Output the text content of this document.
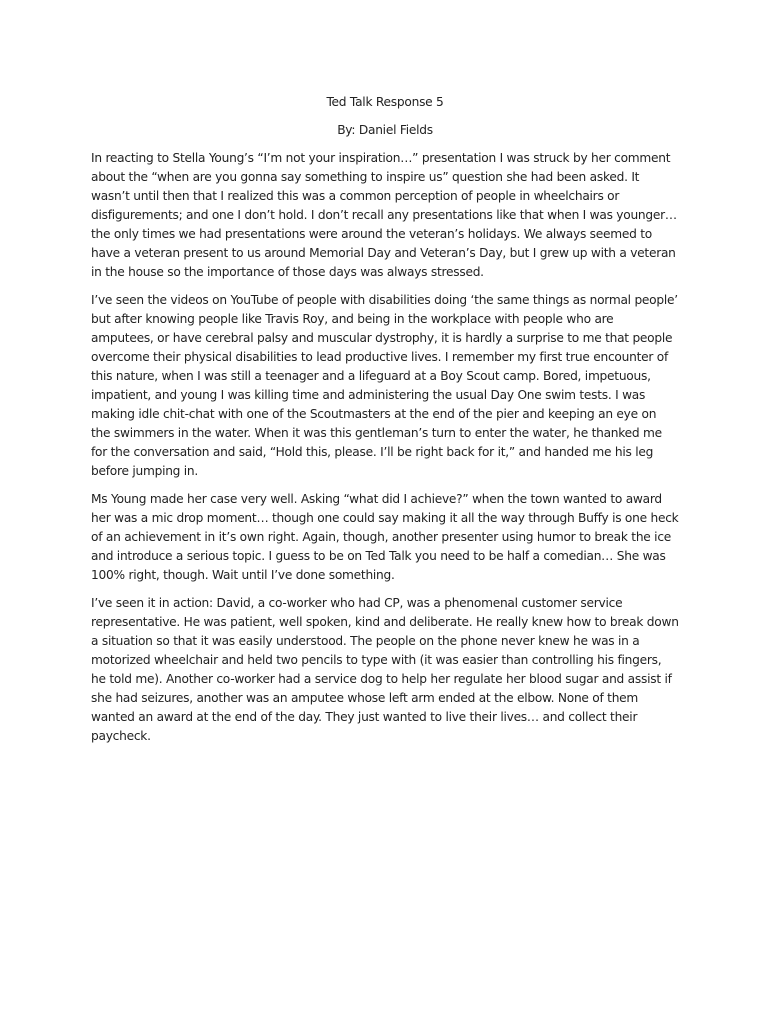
Ted Talk Response 5

By: Daniel Fields

In reacting to Stella Young’s “I’m not your inspiration…” presentation I was struck by her comment about the “when are you gonna say something to inspire us” question she had been asked. It wasn’t until then that I realized this was a common perception of people in wheelchairs or disfigurements; and one I don’t hold. I don’t recall any presentations like that when I was younger… the only times we had presentations were around the veteran’s holidays. We always seemed to have a veteran present to us around Memorial Day and Veteran’s Day, but I grew up with a veteran in the house so the importance of those days was always stressed.

I’ve seen the videos on YouTube of people with disabilities doing ‘the same things as normal people’ but after knowing people like Travis Roy, and being in the workplace with people who are amputees, or have cerebral palsy and muscular dystrophy, it is hardly a surprise to me that people overcome their physical disabilities to lead productive lives. I remember my first true encounter of this nature, when I was still a teenager and a lifeguard at a Boy Scout camp. Bored, impetuous, impatient, and young I was killing time and administering the usual Day One swim tests. I was making idle chit-chat with one of the Scoutmasters at the end of the pier and keeping an eye on the swimmers in the water. When it was this gentleman’s turn to enter the water, he thanked me for the conversation and said, “Hold this, please. I’ll be right back for it,” and handed me his leg before jumping in.

Ms Young made her case very well. Asking “what did I achieve?” when the town wanted to award her was a mic drop moment… though one could say making it all the way through Buffy is one heck of an achievement in it’s own right. Again, though, another presenter using humor to break the ice and introduce a serious topic. I guess to be on Ted Talk you need to be half a comedian… She was 100% right, though. Wait until I’ve done something.

I’ve seen it in action: David, a co-worker who had CP, was a phenomenal customer service representative. He was patient, well spoken, kind and deliberate. He really knew how to break down a situation so that it was easily understood. The people on the phone never knew he was in a motorized wheelchair and held two pencils to type with (it was easier than controlling his fingers, he told me). Another co-worker had a service dog to help her regulate her blood sugar and assist if she had seizures, another was an amputee whose left arm ended at the elbow. None of them wanted an award at the end of the day. They just wanted to live their lives… and collect their paycheck.
